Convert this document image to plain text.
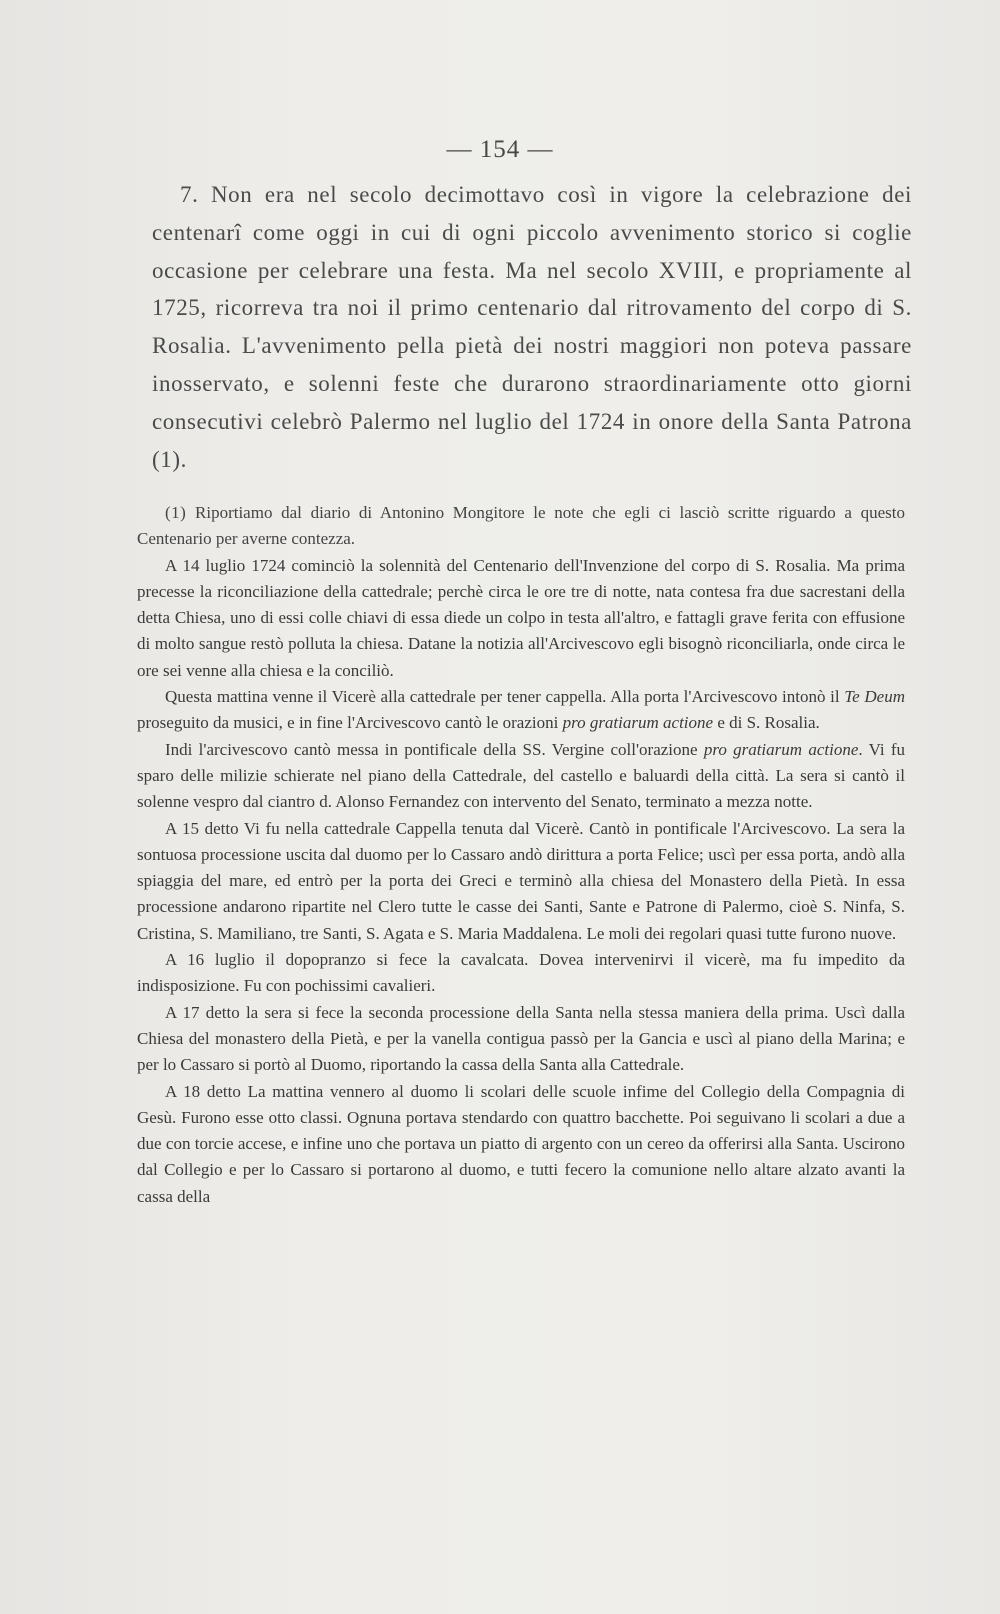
— 154 —

7. Non era nel secolo decimottavo così in vigore la celebrazione dei centenarî come oggi in cui di ogni piccolo avvenimento storico si coglie occasione per celebrare una festa. Ma nel secolo XVIII, e propriamente al 1725, ricorreva tra noi il primo centenario dal ritrovamento del corpo di S. Rosalia. L'avvenimento pella pietà dei nostri maggiori non poteva passare inosservato, e solenni feste che durarono straordinariamente otto giorni consecutivi celebrò Palermo nel luglio del 1724 in onore della Santa Patrona (1).

(1) Riportiamo dal diario di Antonino Mongitore le note che egli ci lasciò scritte riguardo a questo Centenario per averne contezza.

A 14 luglio 1724 cominciò la solennità del Centenario dell'Invenzione del corpo di S. Rosalia. Ma prima precesse la riconciliazione della cattedrale; perchè circa le ore tre di notte, nata contesa fra due sacrestani della detta Chiesa, uno di essi colle chiavi di essa diede un colpo in testa all'altro, e fattagli grave ferita con effusione di molto sangue restò polluta la chiesa. Datane la notizia all'Arcivescovo egli bisognò riconciliarla, onde circa le ore sei venne alla chiesa e la conciliò.

Questa mattina venne il Vicerè alla cattedrale per tener cappella. Alla porta l'Arcivescovo intonò il Te Deum proseguito da musici, e in fine l'Arcivescovo cantò le orazioni pro gratiarum actione e di S. Rosalia.

Indi l'arcivescovo cantò messa in pontificale della SS. Vergine coll'orazione pro gratiarum actione. Vi fu sparo delle milizie schierate nel piano della Cattedrale, del castello e baluardi della città. La sera si cantò il solenne vespro dal ciantro d. Alonso Fernandez con intervento del Senato, terminato a mezza notte.

A 15 detto Vi fu nella cattedrale Cappella tenuta dal Vicerè. Cantò in pontificale l'Arcivescovo. La sera la sontuosa processione uscita dal duomo per lo Cassaro andò dirittura a porta Felice; uscì per essa porta, andò alla spiaggia del mare, ed entrò per la porta dei Greci e terminò alla chiesa del Monastero della Pietà. In essa processione andarono ripartite nel Clero tutte le casse dei Santi, Sante e Patrone di Palermo, cioè S. Ninfa, S. Cristina, S. Mamiliano, tre Santi, S. Agata e S. Maria Maddalena. Le moli dei regolari quasi tutte furono nuove.

A 16 luglio il dopopranzo si fece la cavalcata. Dovea intervenirvi il vicerè, ma fu impedito da indisposizione. Fu con pochissimi cavalieri.

A 17 detto la sera si fece la seconda processione della Santa nella stessa maniera della prima. Uscì dalla Chiesa del monastero della Pietà, e per la vanella contigua passò per la Gancia e uscì al piano della Marina; e per lo Cassaro si portò al Duomo, riportando la cassa della Santa alla Cattedrale.

A 18 detto La mattina vennero al duomo li scolari delle scuole infime del Collegio della Compagnia di Gesù. Furono esse otto classi. Ognuna portava stendardo con quattro bacchette. Poi seguivano li scolari a due a due con torcie accese, e infine uno che portava un piatto di argento con un cereo da offerirsi alla Santa. Uscirono dal Collegio e per lo Cassaro si portarono al duomo, e tutti fecero la comunione nello altare alzato avanti la cassa della
